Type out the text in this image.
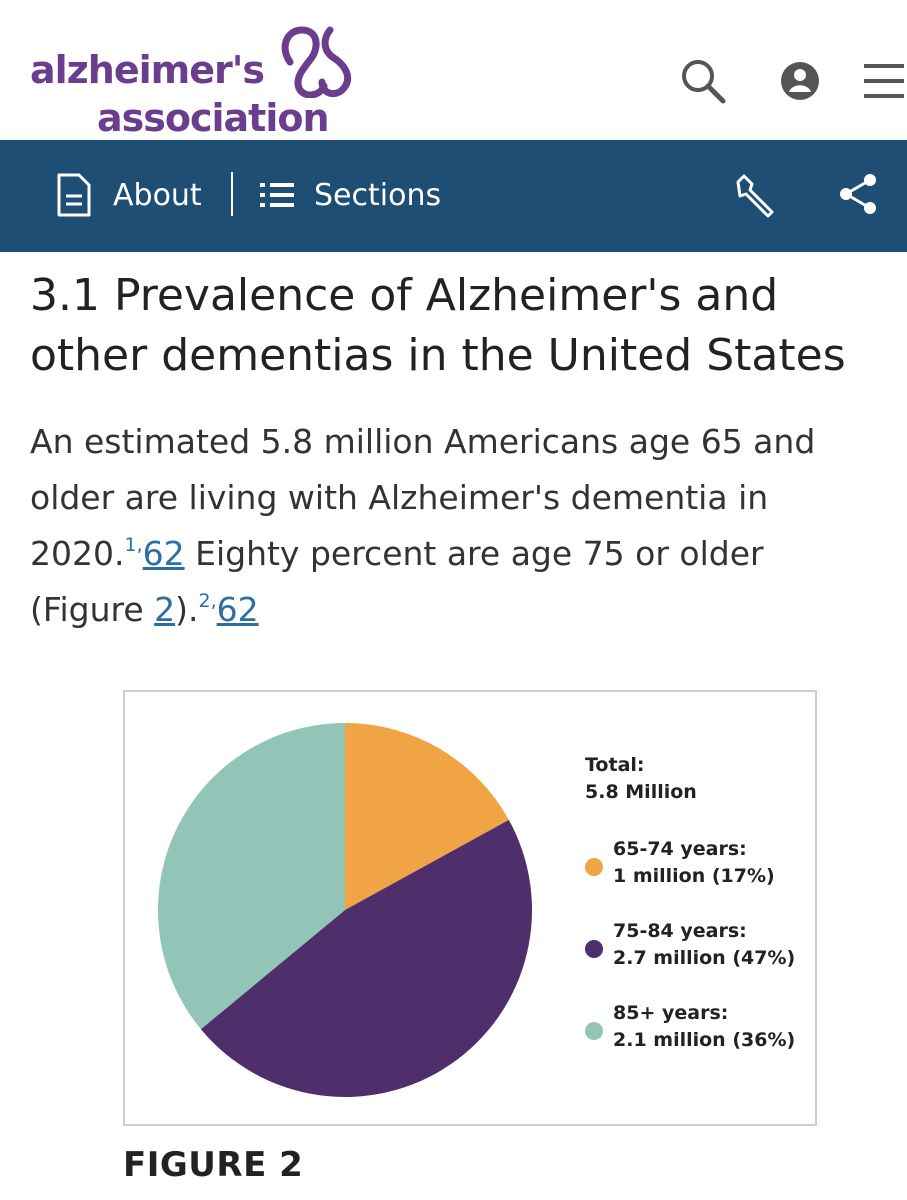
alzheimer's
association
About	Sections
3.1 Prevalence of Alzheimer's and other dementias in the United States

An estimated 5.8 million Americans age 65 and older are living with Alzheimer's dementia in 2020.$^{1,}$62 Eighty percent are age 75 or older (Figure 2).$^{2,}$62

Total:
5.8 Million
65-74 years:
1 million (17%)
75-84 years:
2.7 million (47%)
85+ years:
2.1 million (36%)
FIGURE 2
